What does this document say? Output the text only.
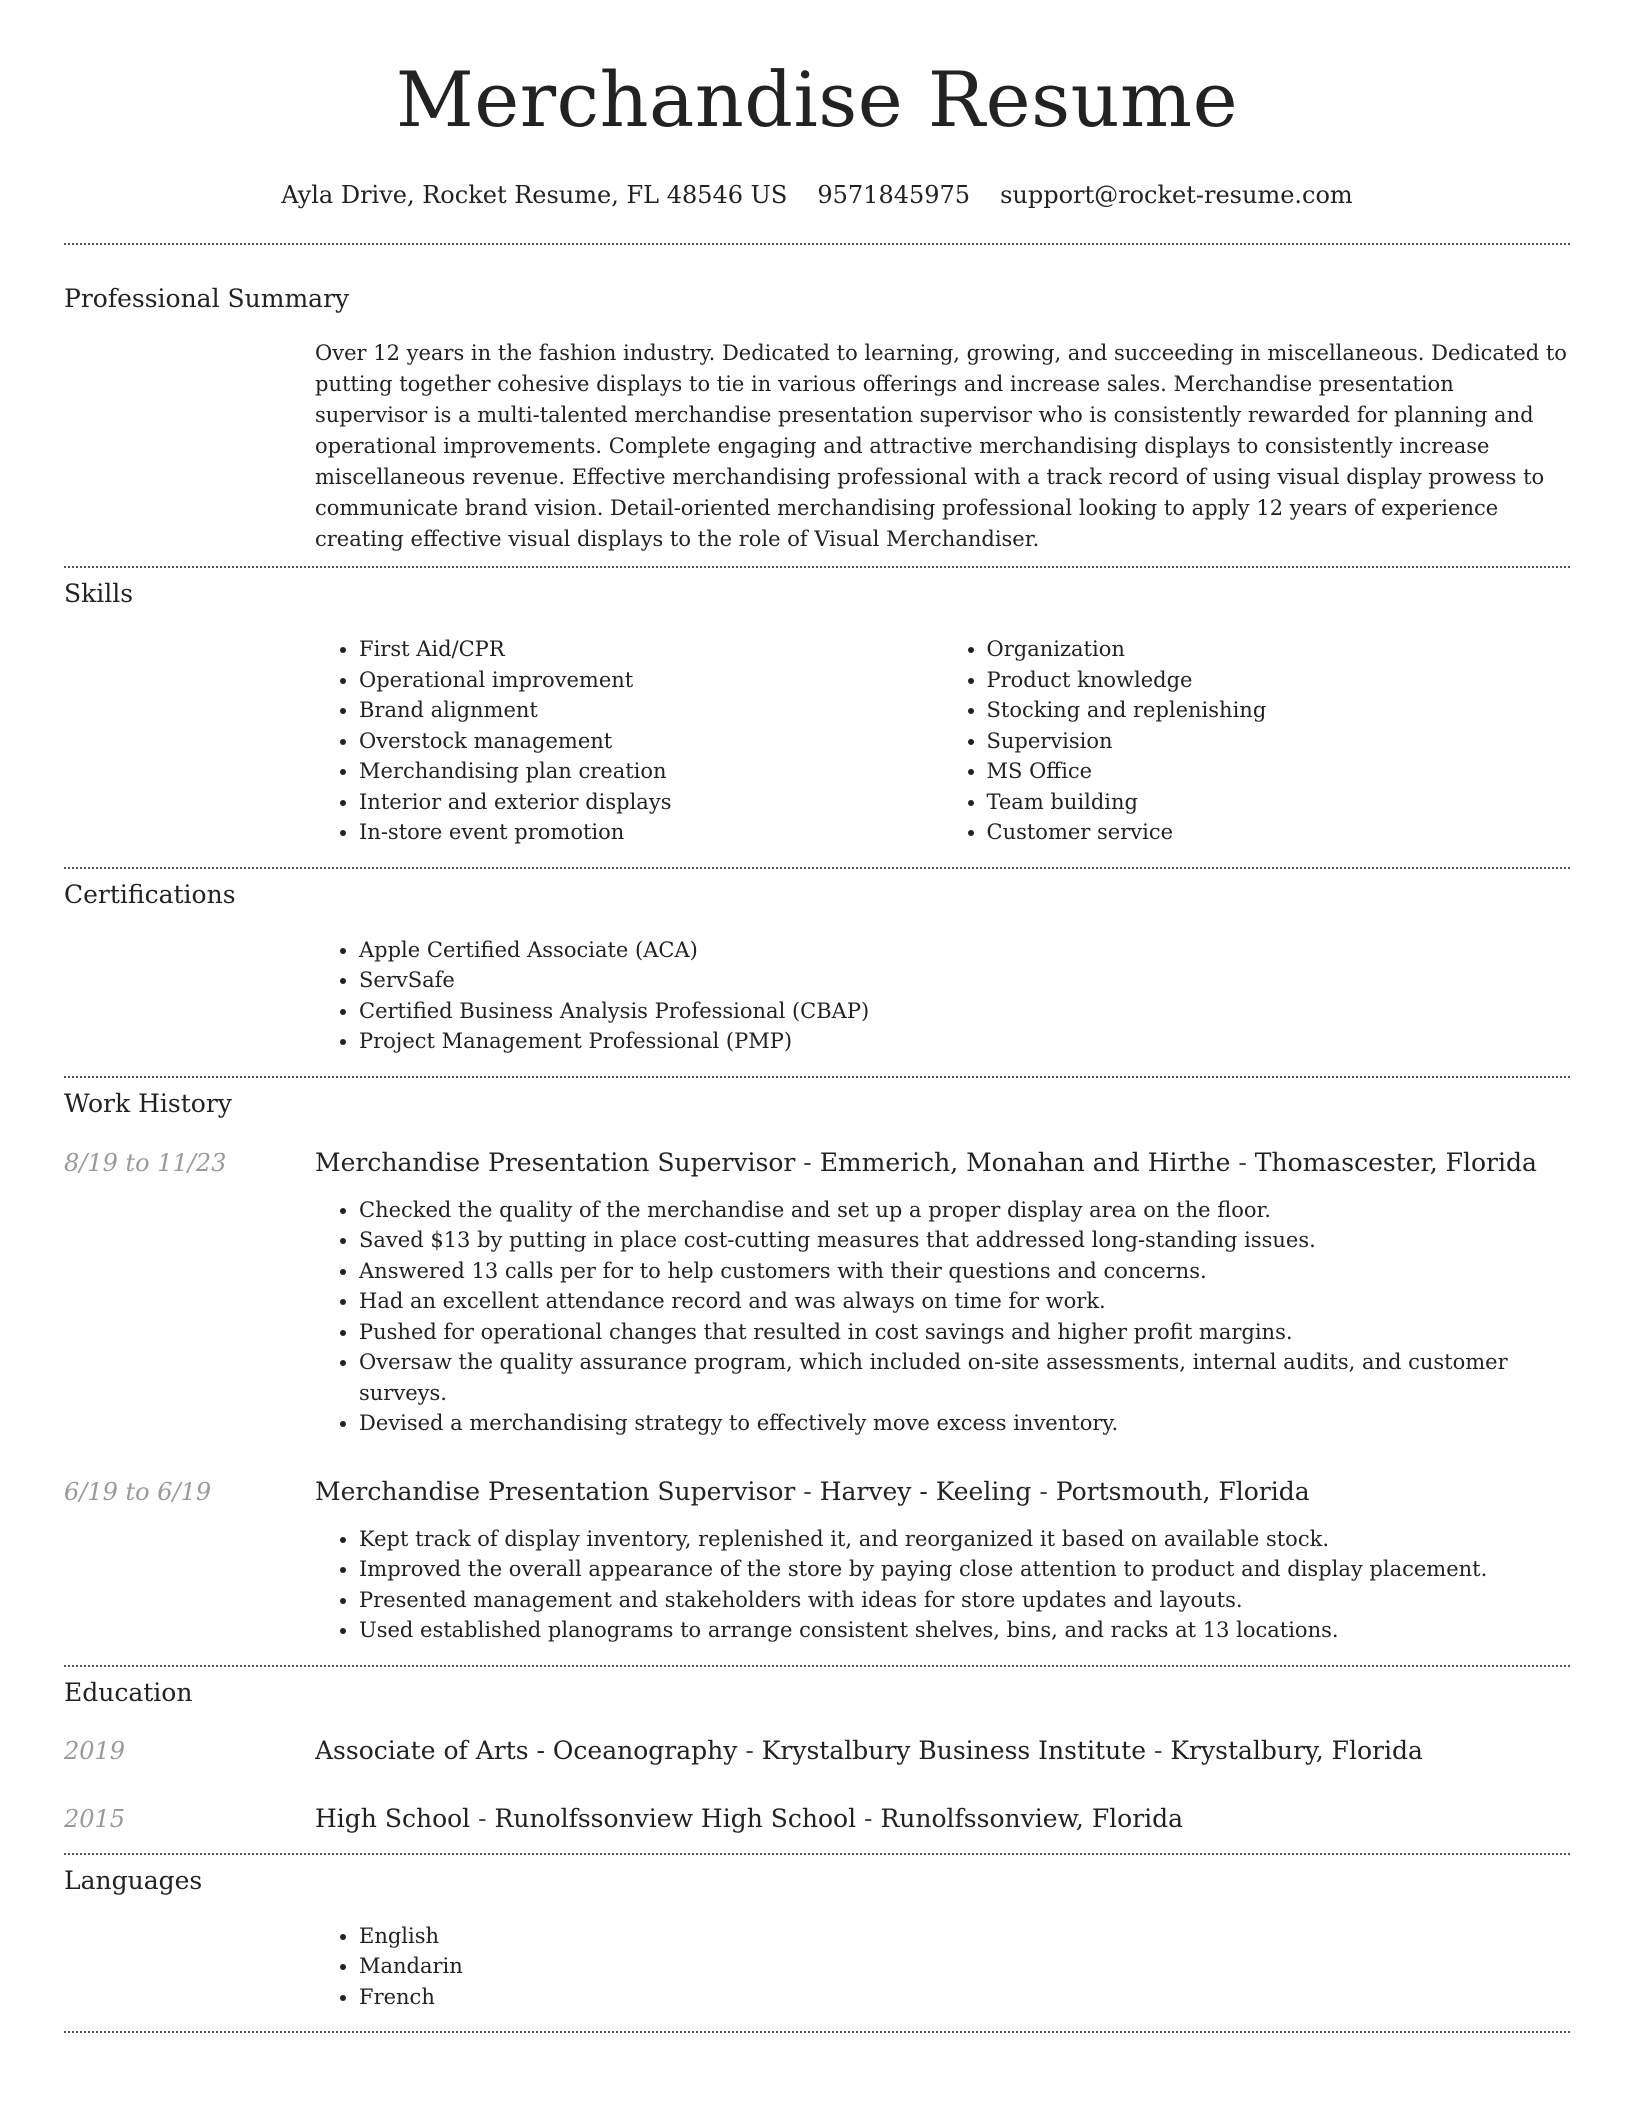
Merchandise Resume
Ayla Drive, Rocket Resume, FL 48546 US 9571845975 support@rocket-resume.com
Professional Summary

Over 12 years in the fashion industry. Dedicated to learning, growing, and succeeding in miscellaneous. Dedicated to putting together cohesive displays to tie in various offerings and increase sales. Merchandise presentation supervisor is a multi-talented merchandise presentation supervisor who is consistently rewarded for planning and operational improvements. Complete engaging and attractive merchandising displays to consistently increase miscellaneous revenue. Effective merchandising professional with a track record of using visual display prowess to communicate brand vision. Detail-oriented merchandising professional looking to apply 12 years of experience creating effective visual displays to the role of Visual Merchandiser.

Skills
• First Aid/CPR
• Operational improvement
• Brand alignment
• Overstock management
• Merchandising plan creation
• Interior and exterior displays
• In-store event promotion
• Organization
• Product knowledge
• Stocking and replenishing
• Supervision
• MS Office
• Team building
• Customer service
Certifications
• Apple Certified Associate (ACA)
• ServSafe
• Certified Business Analysis Professional (CBAP)
• Project Management Professional (PMP)
Work History
8/19 to 11/23	Merchandise Presentation Supervisor - Emmerich, Monahan and Hirthe - Thomascester, Florida
• Checked the quality of the merchandise and set up a proper display area on the floor.
• Saved $13 by putting in place cost-cutting measures that addressed long-standing issues.
• Answered 13 calls per for to help customers with their questions and concerns.
• Had an excellent attendance record and was always on time for work.
• Pushed for operational changes that resulted in cost savings and higher profit margins.
• Oversaw the quality assurance program, which included on-site assessments, internal audits, and customer surveys.
• Devised a merchandising strategy to effectively move excess inventory.
6/19 to 6/19	Merchandise Presentation Supervisor - Harvey - Keeling - Portsmouth, Florida
• Kept track of display inventory, replenished it, and reorganized it based on available stock.
• Improved the overall appearance of the store by paying close attention to product and display placement.
• Presented management and stakeholders with ideas for store updates and layouts.
• Used established planograms to arrange consistent shelves, bins, and racks at 13 locations.
Education
2019	Associate of Arts - Oceanography - Krystalbury Business Institute - Krystalbury, Florida
2015	High School - Runolfssonview High School - Runolfssonview, Florida
Languages
• English
• Mandarin
• French
